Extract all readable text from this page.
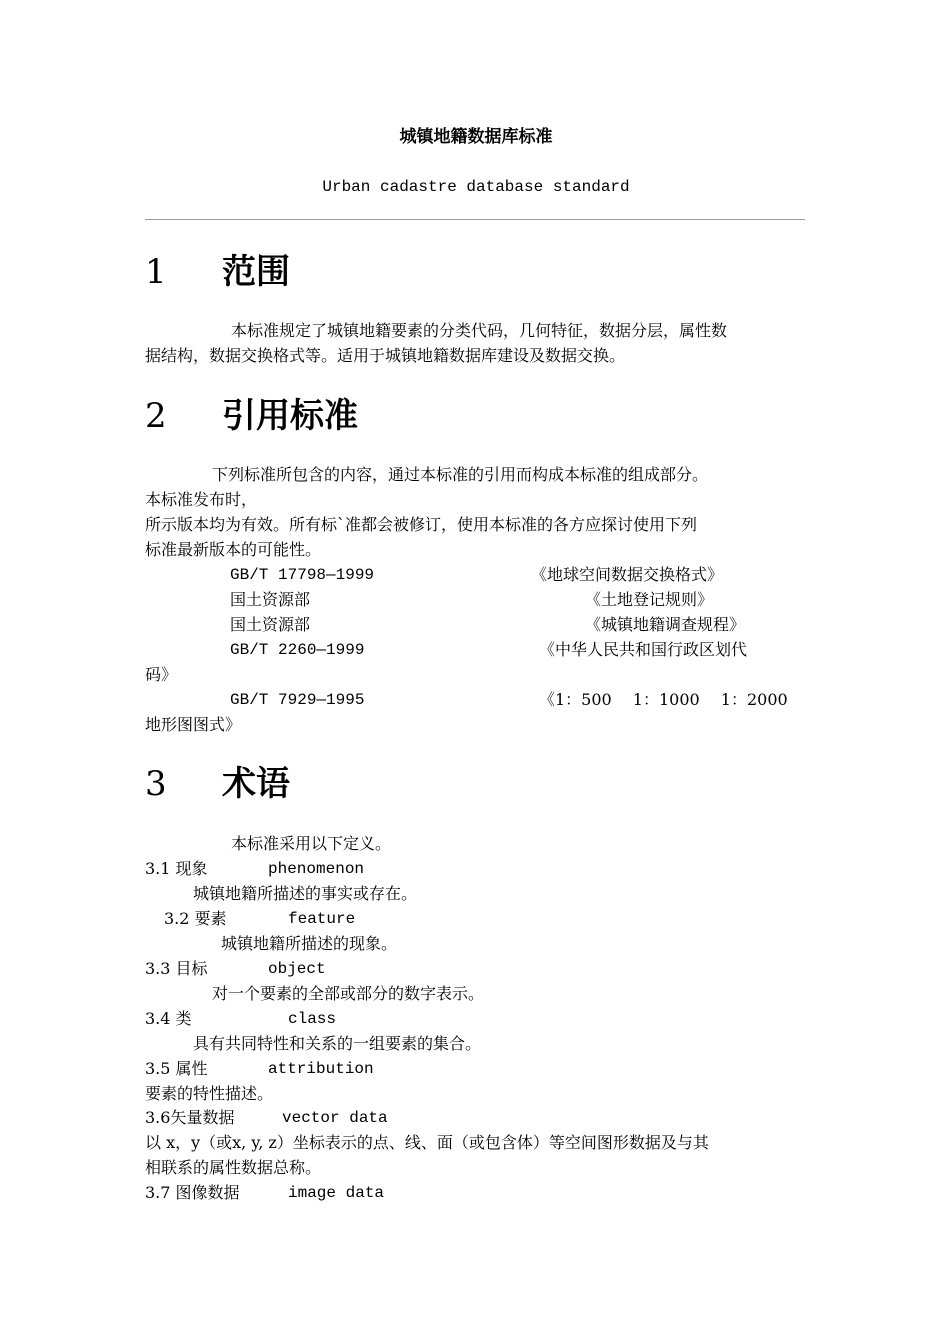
城镇地籍数据库标准
Urban cadastre database standard
1 范围
本标准规定了城镇地籍要素的分类代码，几何特征，数据分层，属性数
据结构，数据交换格式等。适用于城镇地籍数据库建设及数据交换。
2 引用标准
下列标准所包含的内容，通过本标准的引用而构成本标准的组成部分。
本标准发布时，
所示版本均为有效。所有标`准都会被修订，使用本标准的各方应探讨使用下列
标准最新版本的可能性。
GB/T 17798—1999	《地球空间数据交换格式》
国土资源部	《土地登记规则》
国土资源部	《城镇地籍调查规程》
GB/T 2260—1999	《中华人民共和国行政区划代
码》
GB/T 7929—1995	《1：500　 1：1000　 1：2000
地形图图式》
3 术语
本标准采用以下定义。
3.1 现象	phenomenon
城镇地籍所描述的事实或存在。
3.2 要素	feature
城镇地籍所描述的现象。
3.3 目标	object
对一个要素的全部或部分的数字表示。
3.4 类	class
具有共同特性和关系的一组要素的集合。
3.5 属性	attribution
要素的特性描述。
3.6矢量数据	vector data
以 x，y（或x, y, z）坐标表示的点、线、面（或包含体）等空间图形数据及与其
相联系的属性数据总称。
3.7 图像数据	image data
